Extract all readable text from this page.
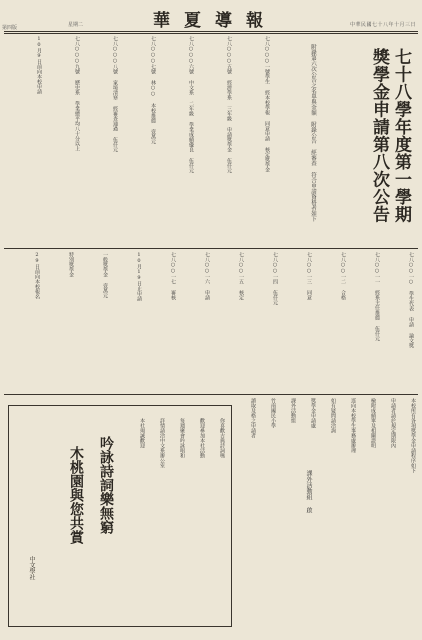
華夏導報	中華民國七十八年十月三日
星期二
第四版
七十八學年度第一學期
獎學金申請第八次公告
附錄第六次公告之名單與金額 附錄公告 經審查 符合申請資格者如下
七八○○○一號學生 經本校學報 同意申請 核定獎學金
七八○○○五號 經濟學系 三年級 申請獎學金 伍仟元
七八○○○六號 中文系 二年級 學業成績優良 伍仟元
七八○○○七號 林○○ 本校推薦 壹萬元
七八○○○八號 家境清寒 經審查通過 伍仟元
七八○○○九號 歷史系 學業總平均八十分以上
10月9日前向本校申請
七八○○一○ 學生代表 申請 論文獎
七八○○一一 經系主任推薦 伍仟元
七八○○一二 合格
七八○○一三 同意
七八○○一四 伍仟元
七八○○一五 核定
七八○○一六 申請
七八○○一七 審核
10月19日止申請
一般獎學金 壹萬元
特別獎學金
29日前向本校報名
本校所有各項獎學金申請程序如下
申請者請於規定期限內
檢附成績單及相關證明
逕向本校學生事務處辦理
如有疑問請洽詢
獎學金申請處
課外活動組
竹南國民小學
讀取及格之申請者
課外活動組 啟
吟詠詩詞樂無窮
木桃園與您共賞
你喜歡古典詩詞嗎
歡迎參加本社活動
每週聚會吟詠唱和
詳情請洽中文系辦公室
本社竭誠歡迎
中文學社
